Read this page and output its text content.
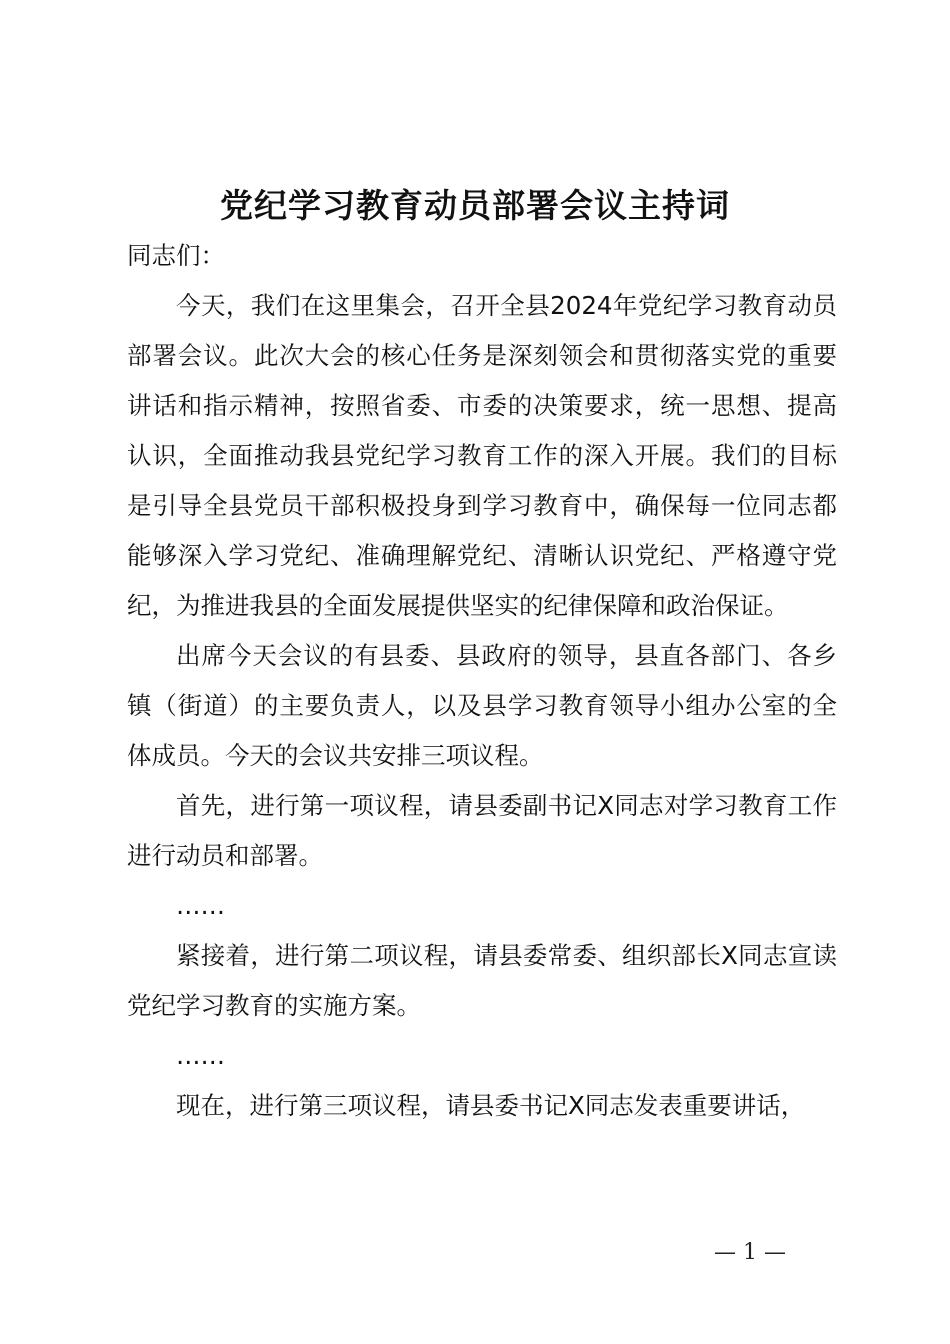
党纪学习教育动员部署会议主持词

同志们：

今天，我们在这里集会，召开全县2024年党纪学习教育动员部署会议。此次大会的核心任务是深刻领会和贯彻落实党的重要讲话和指示精神，按照省委、市委的决策要求，统一思想、提高认识，全面推动我县党纪学习教育工作的深入开展。我们的目标是引导全县党员干部积极投身到学习教育中，确保每一位同志都能够深入学习党纪、准确理解党纪、清晰认识党纪、严格遵守党纪，为推进我县的全面发展提供坚实的纪律保障和政治保证。

出席今天会议的有县委、县政府的领导，县直各部门、各乡镇（街道）的主要负责人，以及县学习教育领导小组办公室的全体成员。今天的会议共安排三项议程。

首先，进行第一项议程，请县委副书记X同志对学习教育工作进行动员和部署。

……

紧接着，进行第二项议程，请县委常委、组织部长X同志宣读党纪学习教育的实施方案。

……

现在，进行第三项议程，请县委书记X同志发表重要讲话，

— 1 —
